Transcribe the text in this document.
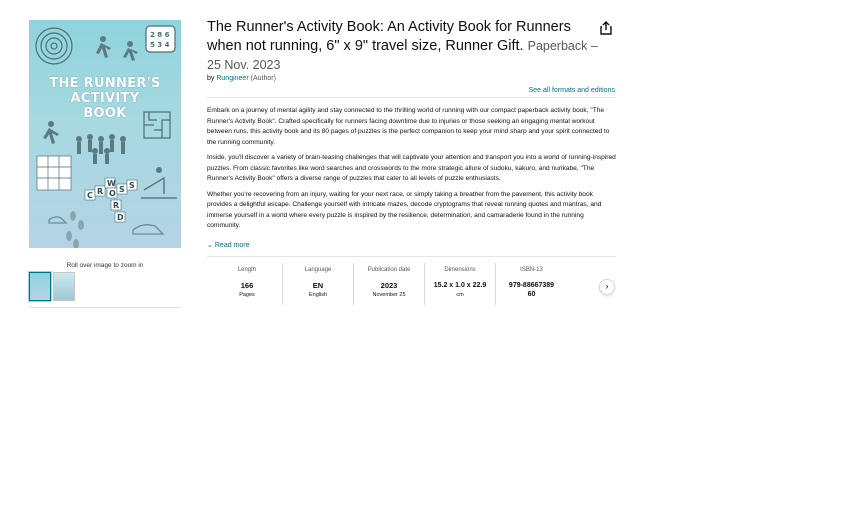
2 8 6
5 3 4
C R
W
O S S
R
D
THE RUNNER'S
ACTIVITY
BOOK
Roll over image to zoom in
The Runner's Activity Book: An Activity Book for Runners when not running, 6" x 9" travel size, Runner Gift. Paperback – 25 Nov. 2023
by Rungineer (Author)
See all formats and editions

Embark on a journey of mental agility and stay connected to the thrilling world of running with our compact paperback activity book, "The Runner's Activity Book". Crafted specifically for runners facing downtime due to injuries or those seeking an engaging mental workout between runs, this activity book and its 80 pages of puzzles is the perfect companion to keep your mind sharp and your spirit connected to the running community.

Inside, you'll discover a variety of brain-teasing challenges that will captivate your attention and transport you into a world of running-inspired puzzles. From classic favorites like word searches and crosswords to the more strategic allure of sudoku, kakuro, and nurikabe, "The Runner's Activity Book" offers a diverse range of puzzles that cater to all levels of puzzle enthusiasts.

Whether you're recovering from an injury, waiting for your next race, or simply taking a breather from the pavement, this activity book provides a delightful escape. Challenge yourself with intricate mazes, decode cryptograms that reveal running quotes and mantras, and immerse yourself in a world where every puzzle is inspired by the resilience, determination, and camaraderie found in the running community.

⌄ Read more
Length
166
Pages
Language
EN
English
Publication date
2023
November 25
Dimensions
15.2 x 1.0 x 22.9
cm
ISBN-13
979-8866738960
›
